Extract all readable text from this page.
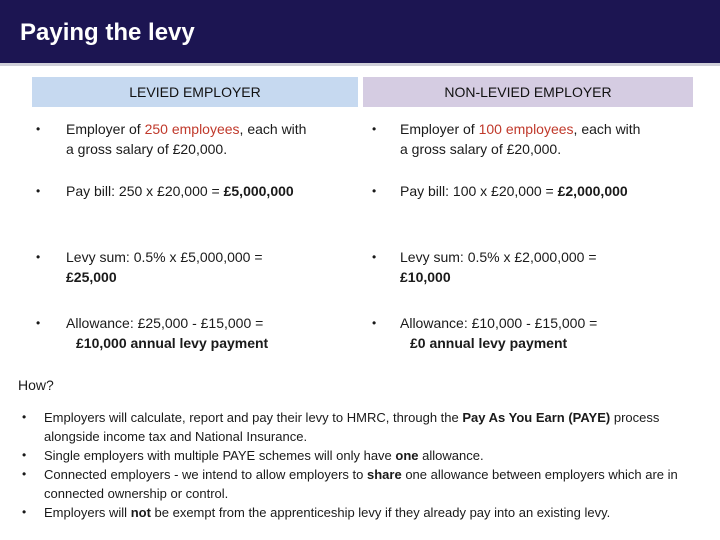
Paying the levy
LEVIED EMPLOYER	NON-LEVIED EMPLOYER
• Employer of 250 employees, each with
a gross salary of £20,000.
• Pay bill: 250 x £20,000 = £5,000,000
• Levy sum: 0.5% x £5,000,000 =
£25,000
• Allowance: £25,000 - £15,000 =
£10,000 annual levy payment
• Employer of 100 employees, each with
a gross salary of £20,000.
• Pay bill: 100 x £20,000 = £2,000,000
• Levy sum: 0.5% x £2,000,000 =
£10,000
• Allowance: £10,000 - £15,000 =
£0 annual levy payment
How?
• Employers will calculate, report and pay their levy to HMRC, through the Pay As You Earn (PAYE) process alongside income tax and National Insurance.
• Single employers with multiple PAYE schemes will only have one allowance.
• Connected employers - we intend to allow employers to share one allowance between employers which are in connected ownership or control.
• Employers will not be exempt from the apprenticeship levy if they already pay into an existing levy.
